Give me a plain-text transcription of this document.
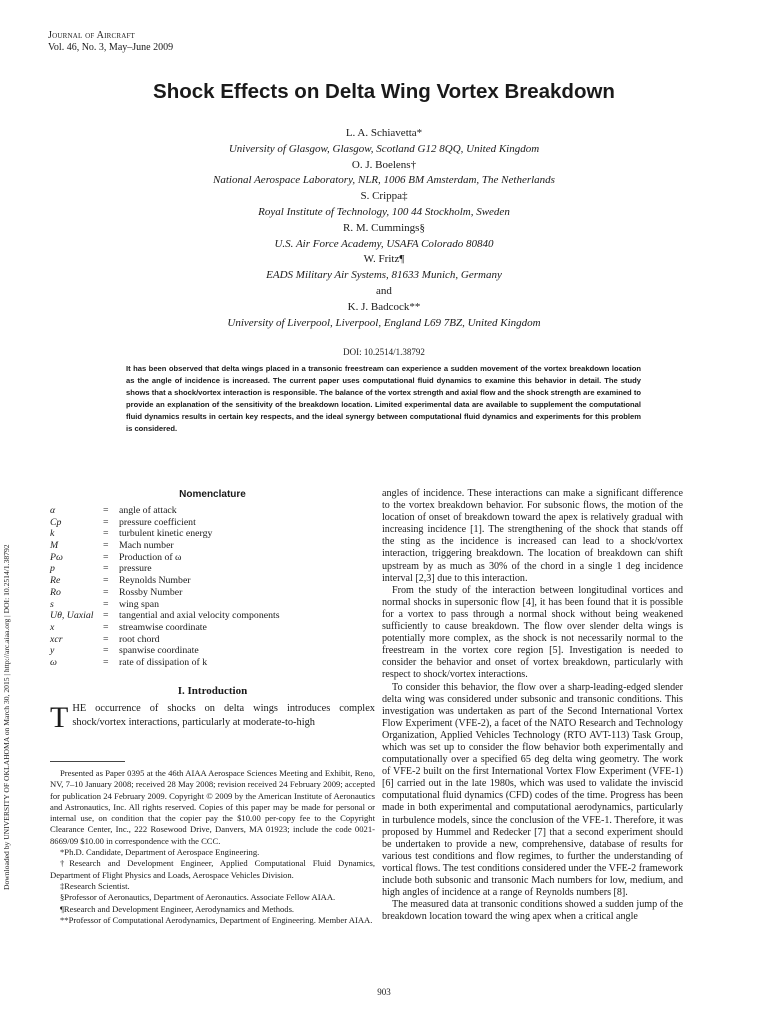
Journal of Aircraft
Vol. 46, No. 3, May–June 2009
Shock Effects on Delta Wing Vortex Breakdown
L. A. Schiavetta*
University of Glasgow, Glasgow, Scotland G12 8QQ, United Kingdom
O. J. Boelens†
National Aerospace Laboratory, NLR, 1006 BM Amsterdam, The Netherlands
S. Crippa‡
Royal Institute of Technology, 100 44 Stockholm, Sweden
R. M. Cummings§
U.S. Air Force Academy, USAFA Colorado 80840
W. Fritz¶
EADS Military Air Systems, 81633 Munich, Germany
and
K. J. Badcock**
University of Liverpool, Liverpool, England L69 7BZ, United Kingdom
DOI: 10.2514/1.38792
It has been observed that delta wings placed in a transonic freestream can experience a sudden movement of the vortex breakdown location as the angle of incidence is increased. The current paper uses computational fluid dynamics to examine this behavior in detail. The study shows that a shock/vortex interaction is responsible. The balance of the vortex strength and axial flow and the shock strength are examined to provide an explanation of the sensitivity of the breakdown location. Limited experimental data are available to supplement the computational fluid dynamics results in certain key respects, and the ideal synergy between computational fluid dynamics and experiments for this problem is considered.
Downloaded by UNIVERSITY OF OKLAHOMA on March 30, 2015 | http://arc.aiaa.org | DOI: 10.2514/1.38792
Nomenclature
α	=	angle of attack
Cp	=	pressure coefficient
k	=	turbulent kinetic energy
M	=	Mach number
Pω	=	Production of ω
p	=	pressure
Re	=	Reynolds Number
Ro	=	Rossby Number
s	=	wing span
Uθ, Uaxial =	tangential and axial velocity components
x	=	streamwise coordinate
xcr	=	root chord
y	=	spanwise coordinate
ω	=	rate of dissipation of k
I. Introduction
THE occurrence of shocks on delta wings introduces complex shock/vortex interactions, particularly at moderate-to-high

Presented as Paper 0395 at the 46th AIAA Aerospace Sciences Meeting and Exhibit, Reno, NV, 7–10 January 2008; received 28 May 2008; revision received 24 February 2009; accepted for publication 24 February 2009. Copyright © 2009 by the American Institute of Aeronautics and Astronautics, Inc. All rights reserved. Copies of this paper may be made for personal or internal use, on condition that the copier pay the $10.00 per-copy fee to the Copyright Clearance Center, Inc., 222 Rosewood Drive, Danvers, MA 01923; include the code 0021-8669/09 $10.00 in correspondence with the CCC.

*Ph.D. Candidate, Department of Aerospace Engineering.

†Research and Development Engineer, Applied Computational Fluid Dynamics, Department of Flight Physics and Loads, Aerospace Vehicles Division.

‡Research Scientist.

§Professor of Aeronautics, Department of Aeronautics. Associate Fellow AIAA.

¶Research and Development Engineer, Aerodynamics and Methods.

**Professor of Computational Aerodynamics, Department of Engineering. Member AIAA.

angles of incidence. These interactions can make a significant difference to the vortex breakdown behavior. For subsonic flows, the motion of the location of onset of breakdown toward the apex is relatively gradual with increasing incidence [1]. The strengthening of the shock that stands off the sting as the incidence is increased can lead to a shock/vortex interaction, triggering breakdown. The location of breakdown can shift upstream by as much as 30% of the chord in a single 1 deg incidence interval [2,3] due to this interaction.

From the study of the interaction between longitudinal vortices and normal shocks in supersonic flow [4], it has been found that it is possible for a vortex to pass through a normal shock without being weakened sufficiently to cause breakdown. The flow over slender delta wings is potentially more complex, as the shock is not necessarily normal to the freestream in the vortex core region [5]. Investigation is needed to consider the behavior and onset of vortex breakdown, particularly with respect to shock/vortex interactions.

To consider this behavior, the flow over a sharp-leading-edged slender delta wing was considered under subsonic and transonic conditions. This investigation was undertaken as part of the Second International Vortex Flow Experiment (VFE-2), a facet of the NATO Research and Technology Organization, Applied Vehicles Technology (RTO AVT-113) Task Group, which was set up to consider the flow behavior both experimentally and computationally over a specified 65 deg delta wing geometry. The work of VFE-2 built on the first International Vortex Flow Experiment (VFE-1) [6] carried out in the late 1980s, which was used to validate the inviscid computational fluid dynamics (CFD) codes of the time. Progress has been made in both experimental and computational aerodynamics, particularly in turbulence models, since the conclusion of the VFE-1. Therefore, it was proposed by Hummel and Redecker [7] that a second experiment should be undertaken to provide a new, comprehensive, database of results for various test conditions and flow regimes, to further the understanding of vortical flows. The test conditions considered under the VFE-2 framework include both subsonic and transonic Mach numbers for low, medium, and high angles of incidence at a range of Reynolds numbers [8].

The measured data at transonic conditions showed a sudden jump of the breakdown location toward the wing apex when a critical angle

903
